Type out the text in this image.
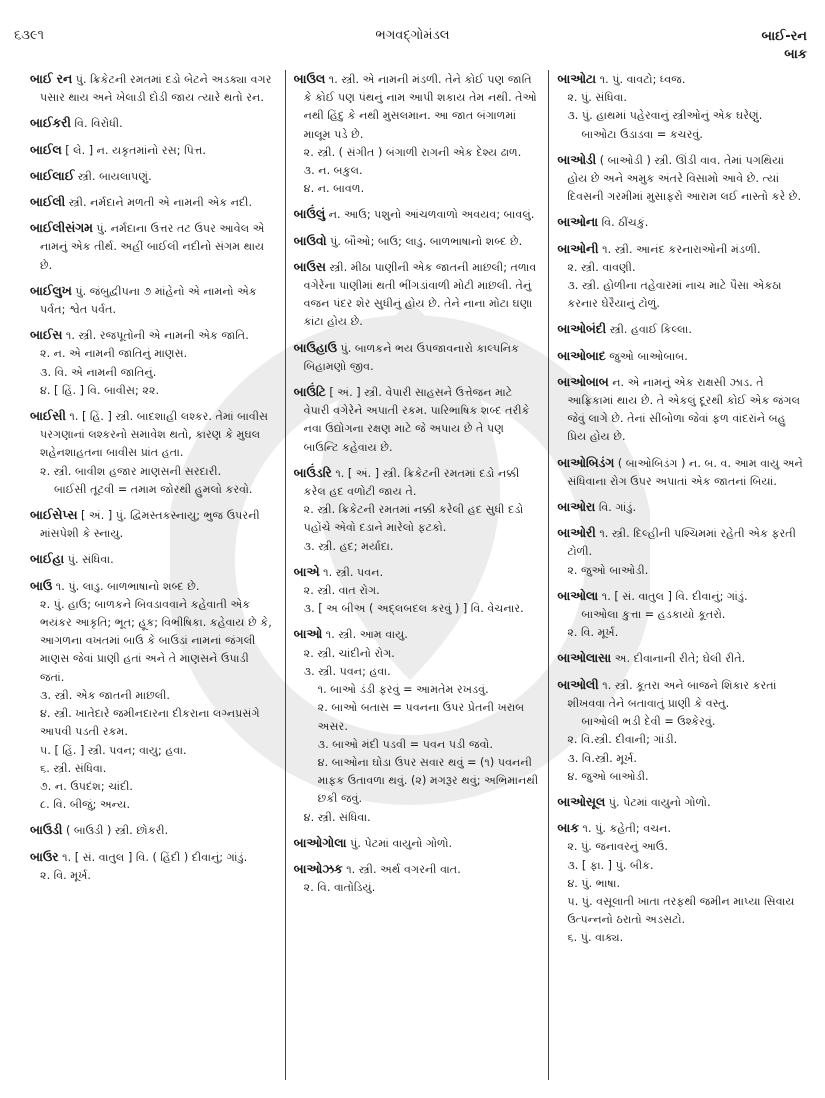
૬૩૯૧	ભગવદ્ગોમંડલ	બાઈ-રન
બાક
બાઈ રન પું. ક્રિકેટની રમતમાં દડો બેટને અડક્યા વગર પસાર થાય અને ખેલાડી દોડી જાય ત્યારે થતો રન.
બાઈકરી વિ. વિરોધી.
બાઈલ [ લે. ] ન. યકૃતમાંનો રસ; પિત્ત.
બાઈલાઈ સ્ત્રી. બાયલાપણું.
બાઈલી સ્ત્રી. નર્મદાને મળતી એ નામની એક નદી.
બાઈલીસંગમ પું. નર્મદાના ઉત્તર તટ ઉપર આવેલ એ નામનું એક તીર્થ. અહીં બાઈલી નદીનો સંગમ થાય છે.
બાઈલુખ પું. જંબુદ્વીપના ૭ માંહેનો એ નામનો એક પર્વત; શ્વેત પર્વત.
બાઈસ ૧. સ્ત્રી. રજપૂતોની એ નામની એક જાતિ.
૨. ન. એ નામની જાતિનું માણસ.
૩. વિ. એ નામની જાતિનું.
૪. [ હિં. ] વિ. બાવીસ; ૨૨.
બાઈસી ૧. [ હિં. ] સ્ત્રી. બાદશાહી લશ્કર. તેમાં બાવીસ પરગણાનાં લશ્કરનો સમાવેશ થતો, કારણ કે મુઘલ શહેનશાહતના બાવીસ પ્રાંત હતા.
૨. સ્ત્રી. બાવીશ હજાર માણસની સરદારી.
બાઈસી તૂટવી = તમામ જોરથી હુમલો કરવો.
બાઈસેપ્સ [ અં. ] પું. દ્વિમસ્તકસ્નાયુ; ભુજ ઉપરની માંસપેશી કે સ્નાયુ.
બાઈહા પું. સંધિવા.
બાઉ ૧. પું. લાડુ. બાળભાષાનો શબ્દ છે.
૨. પું. હાઉ; બાળકને બિવડાવવાને કહેવાતી એક ભયંકર આકૃતિ; ભૂત; હૂક; વિભીષિકા. કહેવાય છે કે, આગળના વખતમાં બાઉ કે બાઉડાં નામનાં જંગલી માણસ જેવાં પ્રાણી હતાં અને તે માણસને ઉપાડી જતાં.
૩. સ્ત્રી. એક જાતની માછલી.
૪. સ્ત્રી. ખાતેદારે જમીનદારના દીકરાના લગ્નપ્રસંગે આપવી પડતી રકમ.
૫. [ હિં. ] સ્ત્રી. પવન; વાયુ; હવા.
૬. સ્ત્રી. સંધિવા.
૭. ન. ઉપદંશ; ચાંદી.
૮. વિ. બીજું; અન્ય.
બાઉડી ( બાઉડી ) સ્ત્રી. છોકરી.
બાઉર ૧. [ સં. વાતુલ ] વિ. ( હિંદી ) દીવાનું; ગાંડું.
૨. વિ. મૂર્ખ.
બાઉલ ૧. સ્ત્રી. એ નામની મંડળી. તેને કોઈ પણ જાતિ કે કોઈ પણ પંથનું નામ આપી શકાય તેમ નથી. તેઓ નથી હિંદુ કે નથી મુસલમાન. આ જાત બંગાળમાં માલૂમ પડે છે.
૨. સ્ત્રી. ( સંગીત ) બંગાળી રાગની એક દેશ્ય ઢાળ.
૩. ન. બકુલ.
૪. ન. બાવળ.
બાઉંલું ન. આઉ; પશુનો આંચળવાળો અવયવ; બાવલું.
બાઉવો પું. બૌઓ; બાઉ; લાડુ. બાળભાષાનો શબ્દ છે.
બાઉસ સ્ત્રી. મીઠા પાણીની એક જાતની માછલી; તળાવ વગેરેના પાણીમાં થતી ભીંગડાંવાળી મોટી માછલી. તેનું વજન પંદર શેર સુધીનું હોય છે. તેને નાના મોટા ઘણા કાંટા હોય છે.
બાઉહાઉ પું. બાળકને ભય ઉપજાવનારો કાલ્પનિક બિહામણો જીવ.
બાઉંટિ [ અં. ] સ્ત્રી. વેપારી સાહસને ઉત્તેજન માટે વેપારી વગેરેને અપાતી રકમ. પારિભાષિક શબ્દ તરીકે નવા ઉદ્યોગના રક્ષણ માટે જે અપાય છે તે પણ બાઉન્ટિ કહેવાય છે.
બાઉંડરિ ૧. [ અં. ] સ્ત્રી. ક્રિકેટની રમતમાં દડો નક્કી કરેલ હદ વળોટી જાય તે.
૨. સ્ત્રી. ક્રિકેટની રમતમાં નક્કી કરેલી હદ સુધી દડો પહોંચે એવો દડાને મારેલો ફટકો.
૩. સ્ત્રી. હદ; મર્યાદા.
બાએ ૧. સ્ત્રી. પવન.
૨. સ્ત્રી. વાત રોગ.
૩. [ અ બીઅ ( અદ્લબદલ કરવું ) ] વિ. વેચનાર.
બાઓ ૧. સ્ત્રી. આમ વાયુ.
૨. સ્ત્રી. ચાંદીનો રોગ.
૩. સ્ત્રી. પવન; હવા.
૧. બાઓ ડંડી ફરવું = આમતેમ રખડવું.
૨. બાઓ બતાસ = પવનના ઉપર પ્રેતની ખરાબ અસર.
૩. બાઓ મંદી પડવી = પવન પડી જવો.
૪. બાઓના ઘોડા ઉપર સવાર થવું = (૧) પવનની માફક ઉતાવળા થવું. (૨) મગરૂર થવું; અભિમાનથી છકી જવું.
૪. સ્ત્રી. સંધિવા.
બાઓગોલા પું. પેટમાં વાયુનો ગોળો.
બાઓઝક ૧. સ્ત્રી. અર્થ વગરની વાત.
૨. વિ. વાતોડિયું.
બાઓટા ૧. પું. વાવટો; ધ્વજ.
૨. પું. સંધિવા.
૩. પું. હાથમાં પહેરવાનું સ્ત્રીઓનું એક ઘરેણું.
બાઓટા ઉડાડવા = કચરવું.
બાઓડી ( બાઓડી ) સ્ત્રી. ઊંડી વાવ. તેમાં પગથિયાં હોય છે અને અમુક અંતરે વિસામો આવે છે. ત્યાં દિવસની ગરમીમાં મુસાફરો આરામ લઈ નાસ્તો કરે છે.
બાઓના વિ. ઠીંચકું.
બાઓની ૧. સ્ત્રી. આનંદ કરનારાઓની મંડળી.
૨. સ્ત્રી. વાવણી.
૩. સ્ત્રી. હોળીના તહેવારમાં નાચ માટે પૈસા એકઠા કરનાર ઘેરૈયાનું ટોળું.
બાઓબંદી સ્ત્રી. હવાઈ કિલ્લા.
બાઓબાદ જુઓ બાઓબાબ.
બાઓબાબ ન. એ નામનું એક રાક્ષસી ઝાડ. તે આફ્રિકામાં થાય છે. તે એકલું દૂરથી કોઈ એક જંગલ જેવું લાગે છે. તેનાં સીંબોળા જેવાં ફળ વાંદરાંને બહુ પ્રિય હોય છે.
બાઓબિડંગ ( બાઓબિડંગ ) ન. બ. વ. આમ વાયુ અને સંધિવાના રોગ ઉપર અપાતાં એક જાતનાં બિયાં.
બાઓરા વિ. ગાંડું.
બાઓરી ૧. સ્ત્રી. દિલ્હીની પશ્ચિમમાં રહેતી એક ફરતી ટોળી.
૨. જુઓ બાઓડી.
બાઓલા ૧. [ સં. વાતુલ ] વિ. દીવાનું; ગાંડું.
બાઓલા કુત્તા = હડકાયો કૂતરો.
૨. વિ. મૂર્ખ.
બાઓલાસા અ. દીવાનાની રીતે; ઘેલી રીતે.
બાઓલી ૧. સ્ત્રી. કૂતરા અને બાજને શિકાર કરતાં શીખવવા તેને બતાવાતું પ્રાણી કે વસ્તુ.
બાઓલી ભડી દેવી = ઉશ્કેરવું.
૨. વિ.સ્ત્રી. દીવાની; ગાંડી.
૩. વિ.સ્ત્રી. મૂર્ખ.
૪. જુઓ બાઓડી.
બાઓસૂલ પું. પેટમાં વાયુનો ગોળો.
બાક ૧. પું. કહેતી; વચન.
૨. પું. જનાવરનું આઉ.
૩. [ ફા. ] પું. બીક.
૪. પું. ભાષા.
૫. પું. વસૂલાતી ખાતા તરફથી જમીન માપ્યા સિવાય ઉત્પન્નનો ઠરાતો અડસટો.
૬. પું. વાક્ય.
